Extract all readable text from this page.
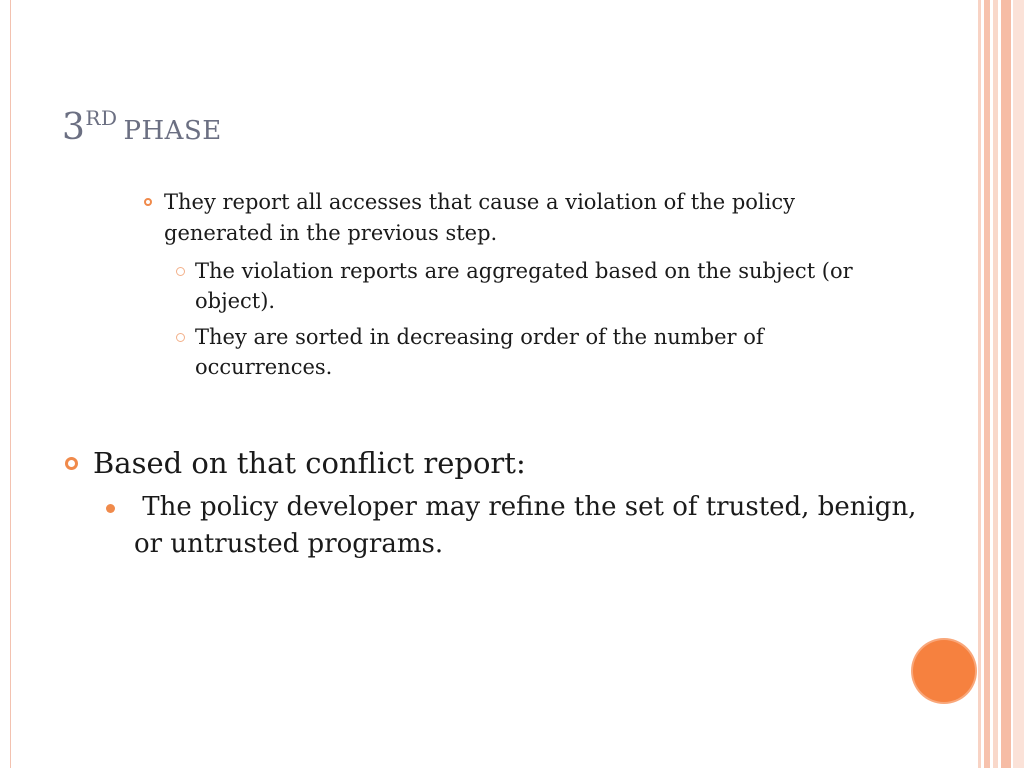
3RD PHASE
They report all accesses that cause a violation of the policy generated in the previous step.
The violation reports are aggregated based on the subject (or object).
They are sorted in decreasing order of the number of occurrences.
Based on that conflict report:
The policy developer may refine the set of trusted, benign, or untrusted programs.
